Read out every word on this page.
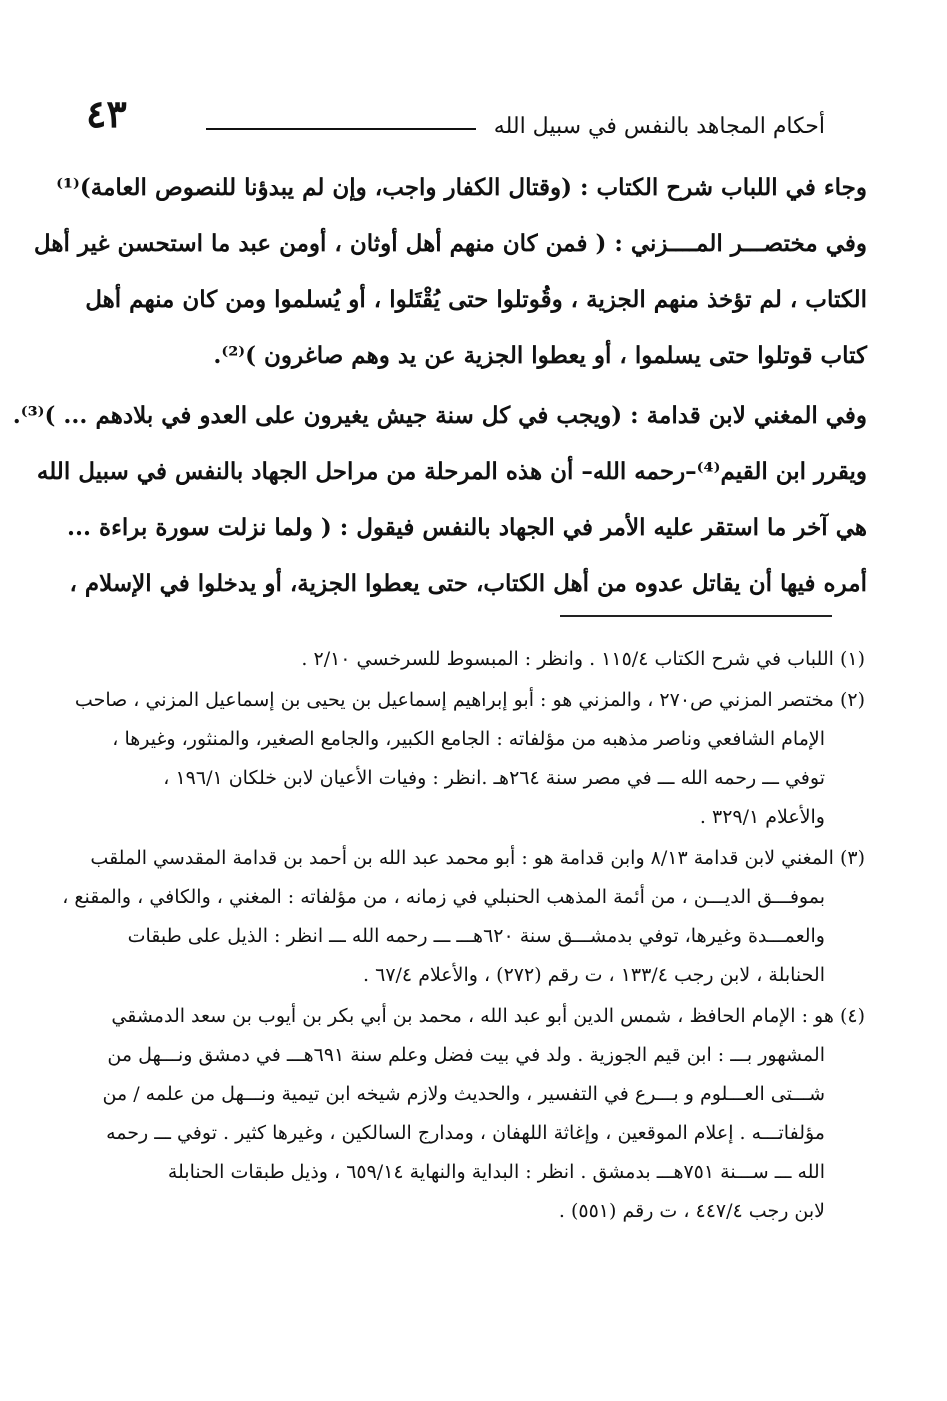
٤٣	أحكام المجاهد بالنفس في سبيل الله

وجاء في اللباب شرح الكتاب : (وقتال الكفار واجب، وإن لم يبدؤنا للنصوص العامة)⁽¹⁾

وفي مختصـــر المــــزني : ( فمن كان منهم أهل أوثان ، أومن عبد ما استحسن غير أهل

الكتاب ، لم تؤخذ منهم الجزية ، وقُوتلوا حتى يُقْتَلوا ، أو يُسلموا ومن كان منهم أهل

كتاب قوتلوا حتى يسلموا ، أو يعطوا الجزية عن يد وهم صاغرون )⁽²⁾.

وفي المغني لابن قدامة : (ويجب في كل سنة جيش يغيرون على العدو في بلادهم ... )⁽³⁾.

ويقرر ابن القيم⁽⁴⁾–رحمه الله– أن هذه المرحلة من مراحل الجهاد بالنفس في سبيل الله

هي آخر ما استقر عليه الأمر في الجهاد بالنفس فيقول : ( ولما نزلت سورة براءة ...

أمره فيها أن يقاتل عدوه من أهل الكتاب، حتى يعطوا الجزية، أو يدخلوا في الإسلام ،

(١) اللباب في شرح الكتاب ١١٥/٤ . وانظر : المبسوط للسرخسي ٢/١٠ .
(٢) مختصر المزني ص٢٧٠ ، والمزني هو : أبو إبراهيم إسماعيل بن يحيى بن إسماعيل المزني ، صاحب
الإمام الشافعي وناصر مذهبه من مؤلفاته : الجامع الكبير، والجامع الصغير، والمنثور، وغيرها ،
توفي ـــ رحمه الله ـــ في مصر سنة ٢٦٤هـ .انظر : وفيات الأعيان لابن خلكان ١٩٦/١ ،
والأعلام ٣٢٩/١ .
(٣) المغني لابن قدامة ٨/١٣ وابن قدامة هو : أبو محمد عبد الله بن أحمد بن قدامة المقدسي الملقب
بموفـــق الديـــن ، من أئمة المذهب الحنبلي في زمانه ، من مؤلفاته : المغني ، والكافي ، والمقنع ،
والعمـــدة وغيرها، توفي بدمشـــق سنة ٦٢٠هـــ ـــ رحمه الله ـــ انظر : الذيل على طبقات
الحنابلة ، لابن رجب ١٣٣/٤ ، ت رقم (٢٧٢) ، والأعلام ٦٧/٤ .
(٤) هو : الإمام الحافظ ، شمس الدين أبو عبد الله ، محمد بن أبي بكر بن أيوب بن سعد الدمشقي
المشهور بـــ : ابن قيم الجوزية . ولد في بيت فضل وعلم سنة ٦٩١هـــ في دمشق ونـــهل من
شـــتى العـــلوم و بـــرع في التفسير ، والحديث ولازم شيخه ابن تيمية ونـــهل من علمه / من
مؤلفاتـــه . إعلام الموقعين ، وإغاثة اللهفان ، ومدارج السالكين ، وغيرها كثير . توفي ـــ رحمه
الله ـــ ســـنة ٧٥١هـــ بدمشق . انظر : البداية والنهاية ٦٥٩/١٤ ، وذيل طبقات الحنابلة
لابن رجب ٤٤٧/٤ ، ت رقم (٥٥١) .
